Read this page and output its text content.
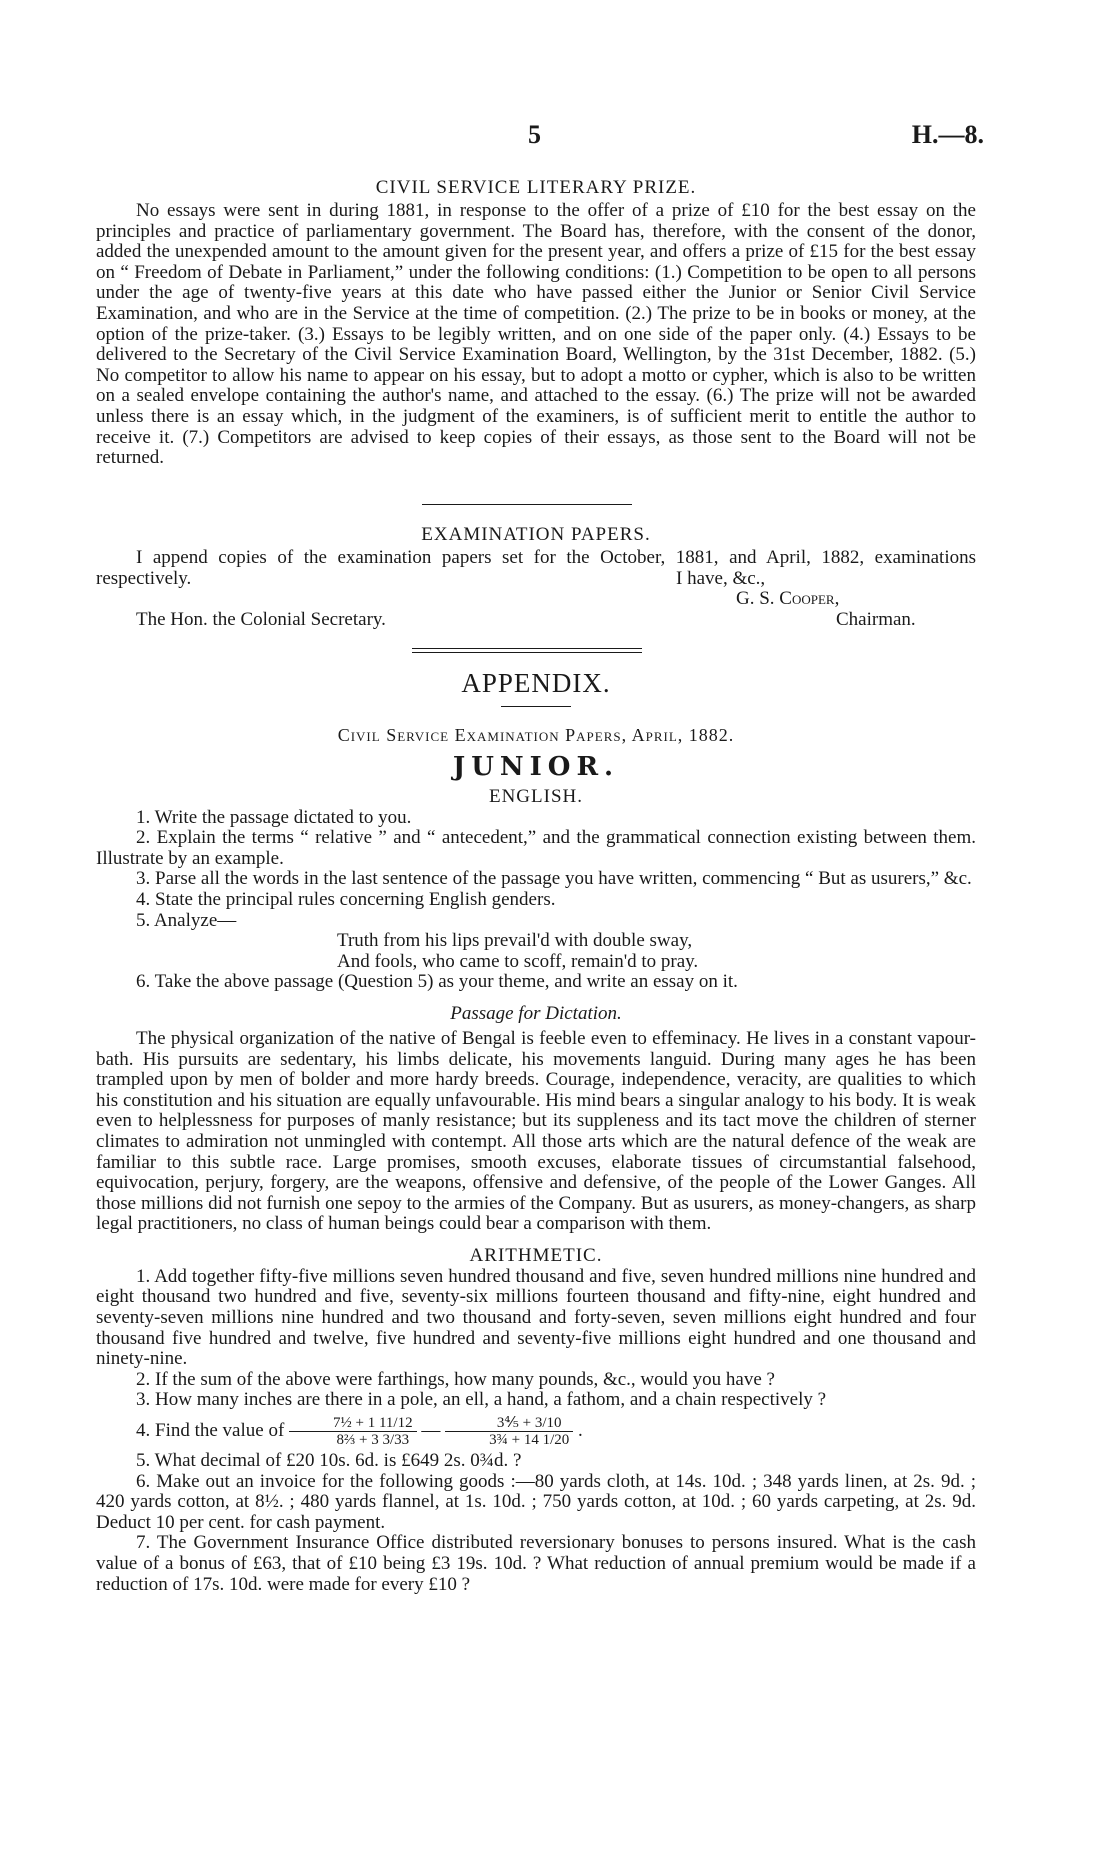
5	H.—8.

CIVIL SERVICE LITERARY PRIZE.

No essays were sent in during 1881, in response to the offer of a prize of £10 for the best essay on the principles and practice of parliamentary government. The Board has, therefore, with the consent of the donor, added the unexpended amount to the amount given for the present year, and offers a prize of £15 for the best essay on “ Freedom of Debate in Parliament,” under the following conditions: (1.) Competition to be open to all persons under the age of twenty-five years at this date who have passed either the Junior or Senior Civil Service Examination, and who are in the Service at the time of competition. (2.) The prize to be in books or money, at the option of the prize-taker. (3.) Essays to be legibly written, and on one side of the paper only. (4.) Essays to be delivered to the Secretary of the Civil Service Examination Board, Wellington, by the 31st December, 1882. (5.) No competitor to allow his name to appear on his essay, but to adopt a motto or cypher, which is also to be written on a sealed envelope containing the author's name, and attached to the essay. (6.) The prize will not be awarded unless there is an essay which, in the judgment of the examiners, is of sufficient merit to entitle the author to receive it. (7.) Competitors are advised to keep copies of their essays, as those sent to the Board will not be returned.

EXAMINATION PAPERS.

I append copies of the examination papers set for the October, 1881, and April, 1882, examinations respectively.	I have, &c.,
G. S. Cooper,
The Hon. the Colonial Secretary.	Chairman.

APPENDIX.

Civil Service Examination Papers, April, 1882.

JUNIOR.

ENGLISH.

1. Write the passage dictated to you.

2. Explain the terms “ relative ” and “ antecedent,” and the grammatical connection existing between them. Illustrate by an example.

3. Parse all the words in the last sentence of the passage you have written, commencing “ But as usurers,” &c.

4. State the principal rules concerning English genders.

5. Analyze—

Truth from his lips prevail'd with double sway,

And fools, who came to scoff, remain'd to pray.

6. Take the above passage (Question 5) as your theme, and write an essay on it.

Passage for Dictation.

The physical organization of the native of Bengal is feeble even to effeminacy. He lives in a constant vapour-bath. His pursuits are sedentary, his limbs delicate, his movements languid. During many ages he has been trampled upon by men of bolder and more hardy breeds. Courage, independence, veracity, are qualities to which his constitution and his situation are equally unfavourable. His mind bears a singular analogy to his body. It is weak even to helplessness for purposes of manly resistance; but its suppleness and its tact move the children of sterner climates to admiration not unmingled with contempt. All those arts which are the natural defence of the weak are familiar to this subtle race. Large promises, smooth excuses, elaborate tissues of circumstantial falsehood, equivocation, perjury, forgery, are the weapons, offensive and defensive, of the people of the Lower Ganges. All those millions did not furnish one sepoy to the armies of the Company. But as usurers, as money-changers, as sharp legal practitioners, no class of human beings could bear a comparison with them.

ARITHMETIC.

1. Add together fifty-five millions seven hundred thousand and five, seven hundred millions nine hundred and eight thousand two hundred and five, seventy-six millions fourteen thousand and fifty-nine, eight hundred and seventy-seven millions nine hundred and two thousand and forty-seven, seven millions eight hundred and four thousand five hundred and twelve, five hundred and seventy-five millions eight hundred and one thousand and ninety-nine.

2. If the sum of the above were farthings, how many pounds, &c., would you have ?

3. How many inches are there in a pole, an ell, a hand, a fathom, and a chain respectively ?

4. Find the value of $\frac{\text{7½ + 1 11/12}}{\text{8⅔ + 3 3/33}}$ — $\frac{\text{3⅘ + 3/10}}{\text{3¾ + 14 1/20}}$ .

5. What decimal of £20 10s. 6d. is £649 2s. 0¾d. ?

6. Make out an invoice for the following goods :—80 yards cloth, at 14s. 10d. ; 348 yards linen, at 2s. 9d. ; 420 yards cotton, at 8½. ; 480 yards flannel, at 1s. 10d. ; 750 yards cotton, at 10d. ; 60 yards carpeting, at 2s. 9d. Deduct 10 per cent. for cash payment.

7. The Government Insurance Office distributed reversionary bonuses to persons insured. What is the cash value of a bonus of £63, that of £10 being £3 19s. 10d. ? What reduction of annual premium would be made if a reduction of 17s. 10d. were made for every £10 ?
